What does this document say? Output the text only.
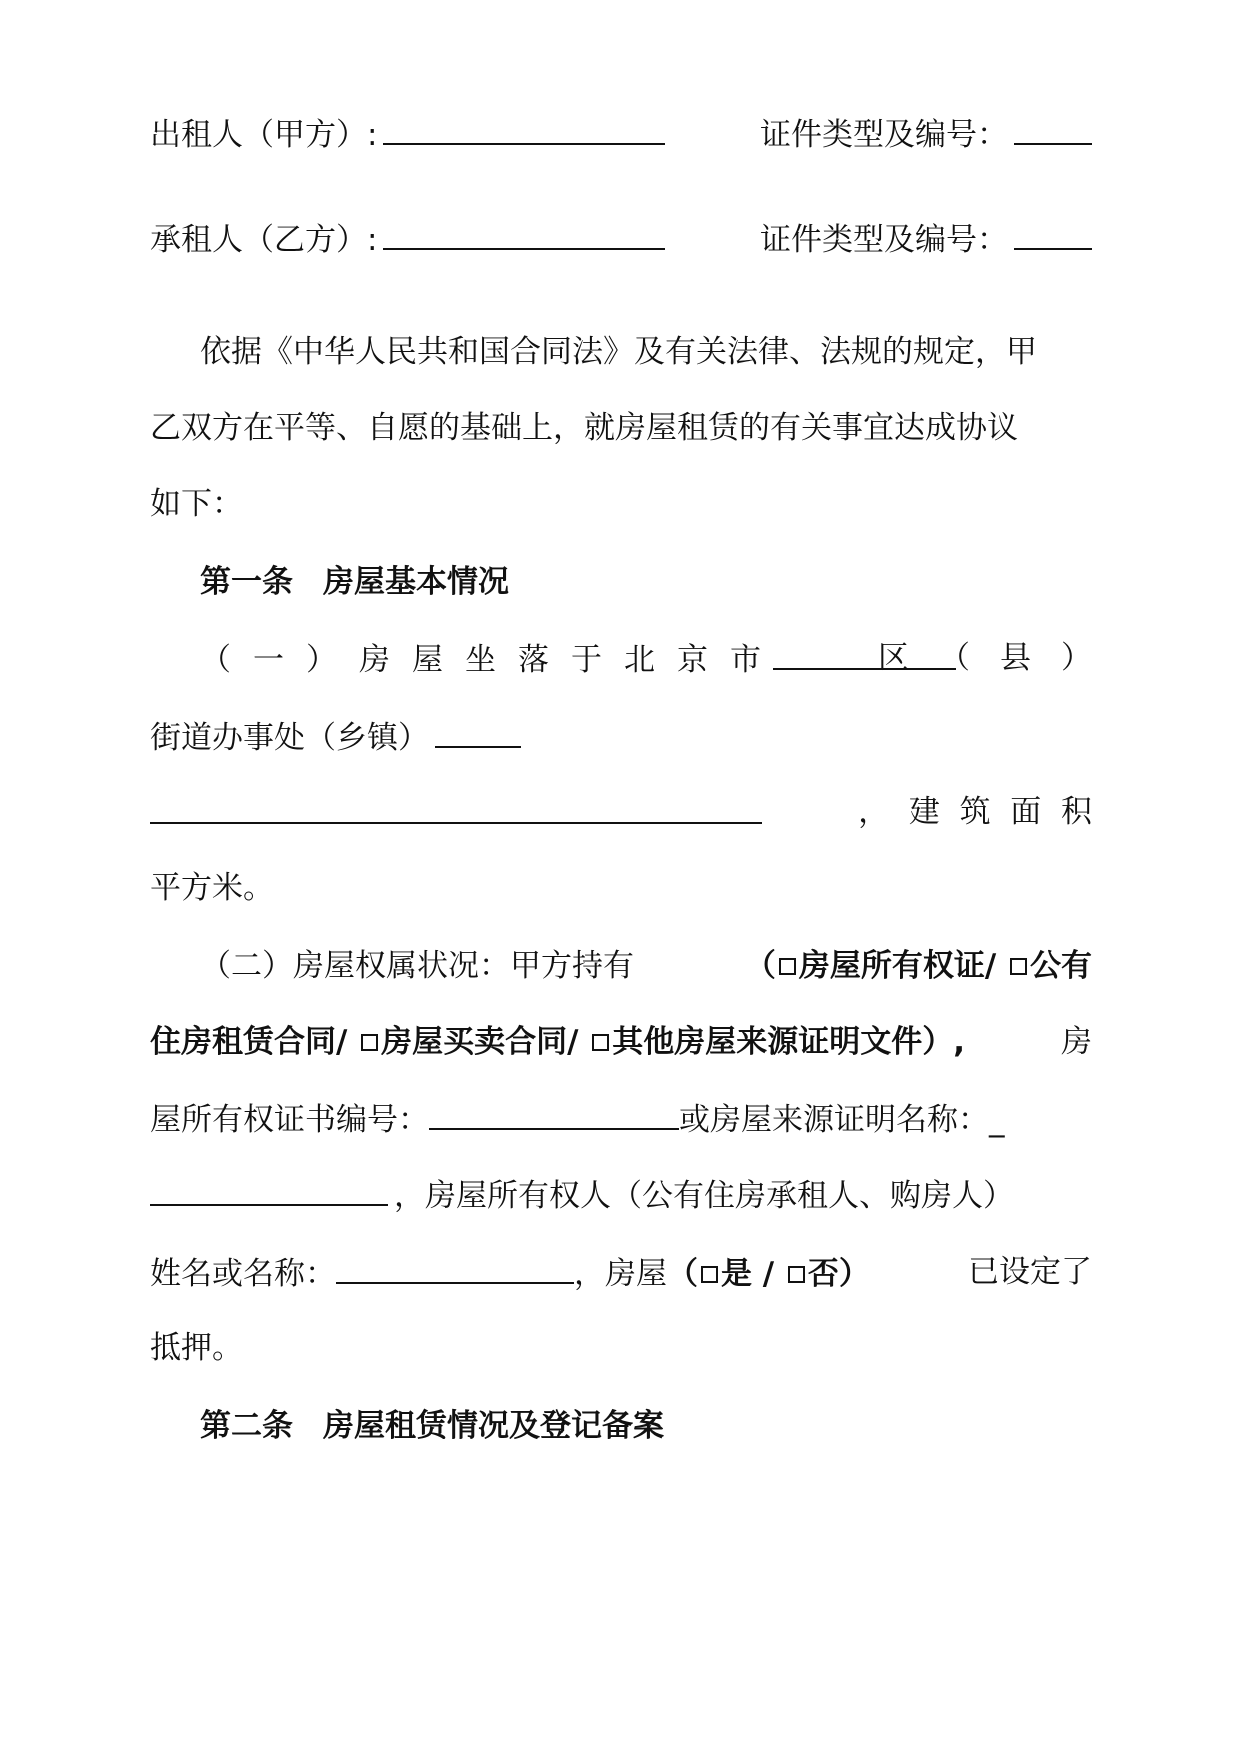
出租人（甲方）:	证件类型及编号：
承租人（乙方）:	证件类型及编号：
依据《中华人民共和国合同法》及有关法律、法规的规定，甲
乙双方在平等、自愿的基础上，就房屋租赁的有关事宜达成协议
如下：
第一条 房屋基本情况
（一）房屋坐落于北京市	区（县）
街道办事处（乡镇）
，  建  筑  面  积
平方米。
（二）房屋权属状况：甲方持有	（ 房屋所有权证/ 公有
住房租赁合同/ 房屋买卖合同/ 其他房屋来源证明文件）,	房
屋所有权证书编号：	或房屋来源证明名称：_
，房屋所有权人（公有住房承租人、购房人）
姓名或名称：	，房屋（ 是 / 否）	已设定了
抵押。
第二条 房屋租赁情况及登记备案
